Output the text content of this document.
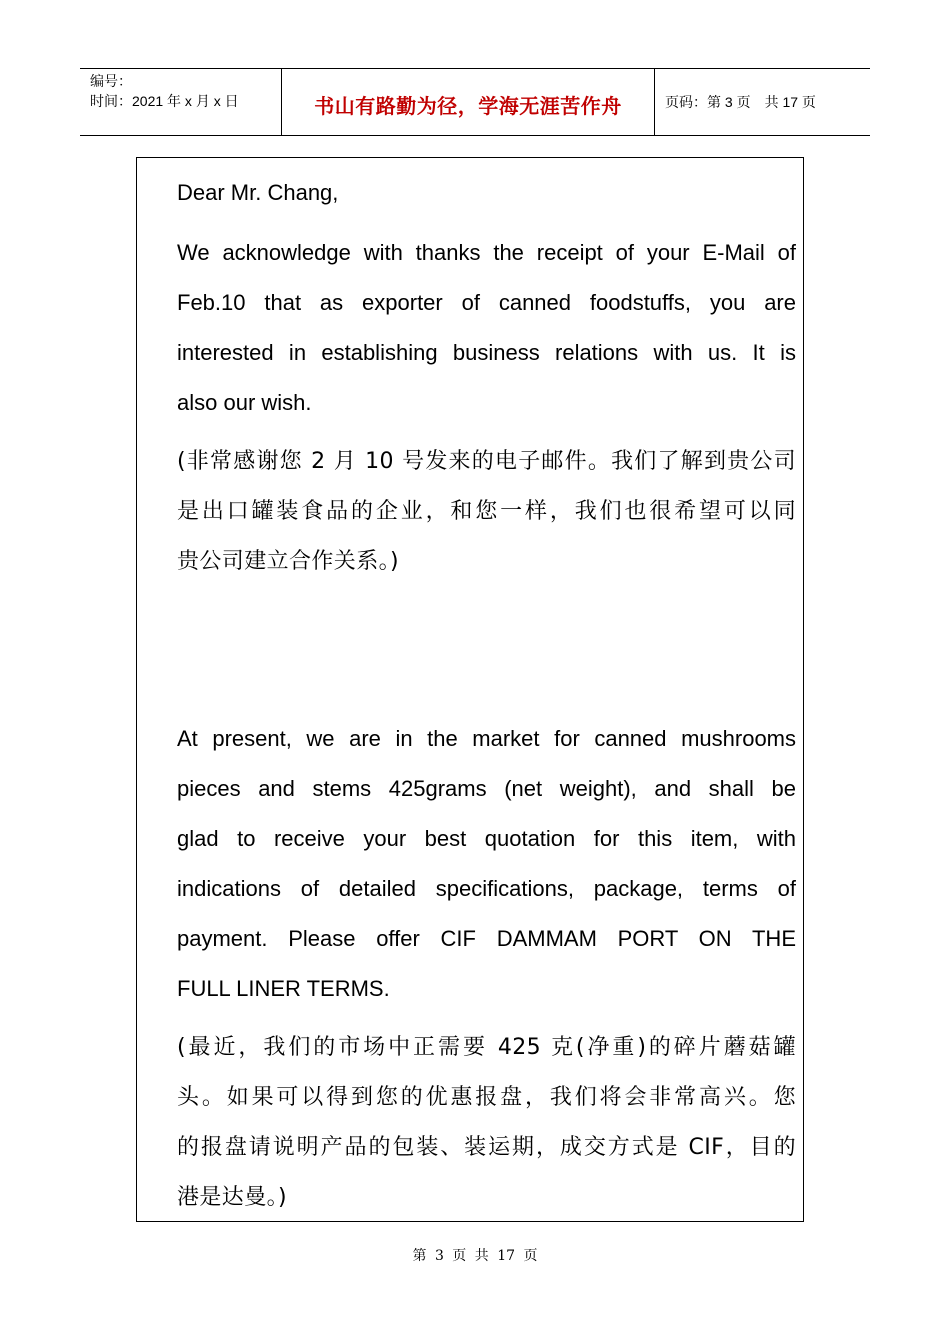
编号：
时间：2021 年 x 月 x 日	书山有路勤为径，学海无涯苦作舟	页码：第 3 页 共 17 页
Dear Mr. Chang,
We acknowledge with thanks the receipt of your E-Mail of
Feb.10 that as exporter of canned foodstuffs, you are
interested in establishing business relations with us. It is
also our wish.
(非常感谢您 2 月 10 号发来的电子邮件。我们了解到贵公司
是出口罐装食品的企业，和您一样，我们也很希望可以同
贵公司建立合作关系。)
At present, we are in the market for canned mushrooms
pieces and stems 425grams (net weight), and shall be
glad to receive your best quotation for this item, with
indications of detailed specifications, package, terms of
payment. Please offer CIF DAMMAM PORT ON THE
FULL LINER TERMS.
(最近，我们的市场中正需要 425 克(净重)的碎片蘑菇罐
头。如果可以得到您的优惠报盘，我们将会非常高兴。您
的报盘请说明产品的包装、装运期，成交方式是 CIF，目的
港是达曼。)
第 3 页 共 17 页
